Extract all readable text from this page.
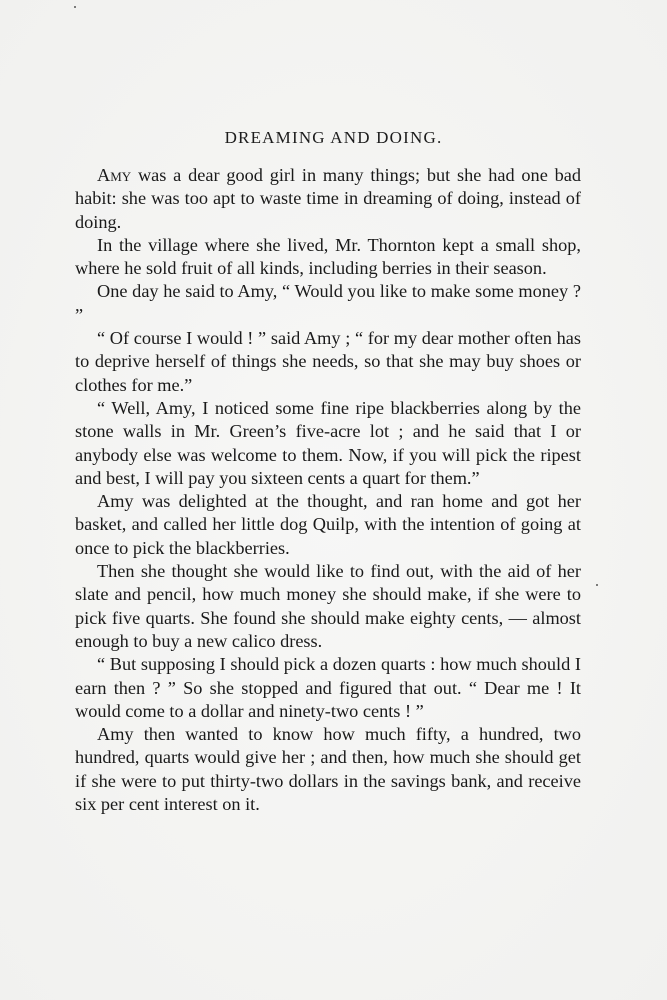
DREAMING AND DOING.

Amy was a dear good girl in many things; but she had one bad habit: she was too apt to waste time in dreaming of doing, instead of doing.

In the village where she lived, Mr. Thornton kept a small shop, where he sold fruit of all kinds, including berries in their season.

One day he said to Amy, “ Would you like to make some money ? ”

“ Of course I would ! ” said Amy ; “ for my dear mother often has to deprive herself of things she needs, so that she may buy shoes or clothes for me.”

“ Well, Amy, I noticed some fine ripe blackberries along by the stone walls in Mr. Green’s five-acre lot ; and he said that I or anybody else was welcome to them. Now, if you will pick the ripest and best, I will pay you sixteen cents a quart for them.”

Amy was delighted at the thought, and ran home and got her basket, and called her little dog Quilp, with the intention of going at once to pick the blackberries.

Then she thought she would like to find out, with the aid of her slate and pencil, how much money she should make, if she were to pick five quarts. She found she should make eighty cents, — almost enough to buy a new calico dress.

“ But supposing I should pick a dozen quarts : how much should I earn then ? ” So she stopped and figured that out. “ Dear me ! It would come to a dollar and ninety-two cents ! ”

Amy then wanted to know how much fifty, a hundred, two hundred, quarts would give her ; and then, how much she should get if she were to put thirty-two dollars in the savings bank, and receive six per cent interest on it.
